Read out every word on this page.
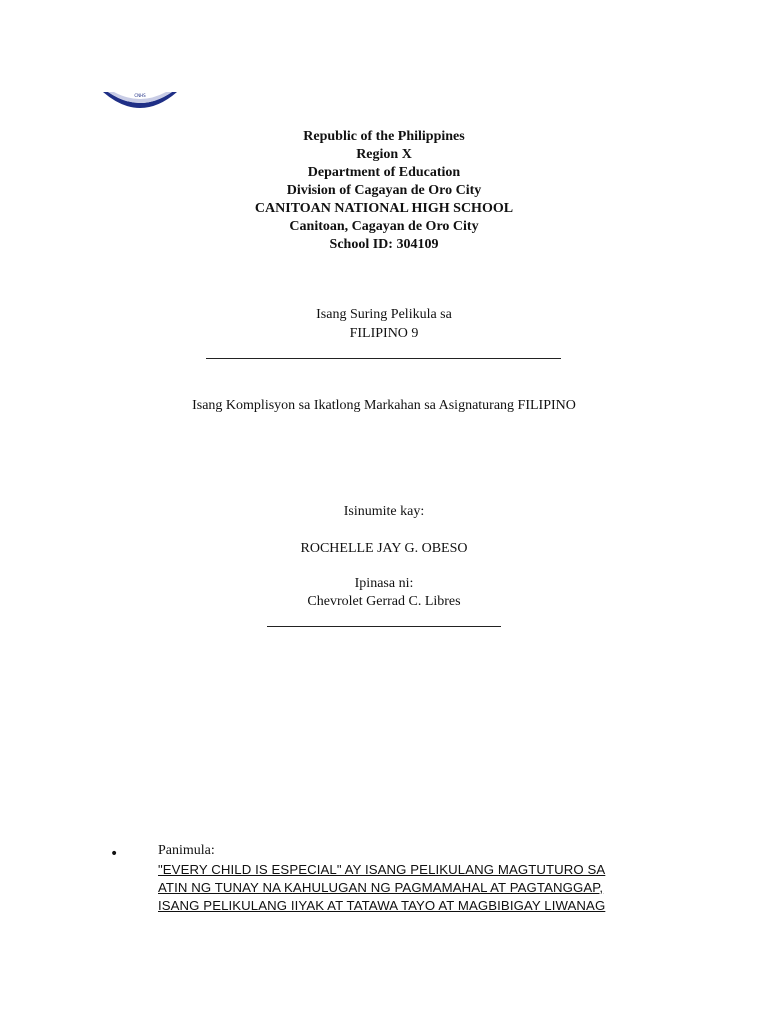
CNHS
Republic of the Philippines
Region X
Department of Education
Division of Cagayan de Oro City
CANITOAN NATIONAL HIGH SCHOOL
Canitoan, Cagayan de Oro City
School ID: 304109
Isang Suring Pelikula sa
FILIPINO 9
Isang Komplisyon sa Ikatlong Markahan sa Asignaturang FILIPINO
Isinumite kay:
ROCHELLE JAY G. OBESO
Ipinasa ni:
Chevrolet Gerrad C. Libres
•	Panimula:
"EVERY CHILD IS ESPECIAL" AY ISANG PELIKULANG MAGTUTURO SA
ATIN NG TUNAY NA KAHULUGAN NG PAGMAMAHAL AT PAGTANGGAP,
ISANG PELIKULANG IIYAK AT TATAWA TAYO AT MAGBIBIGAY LIWANAG
